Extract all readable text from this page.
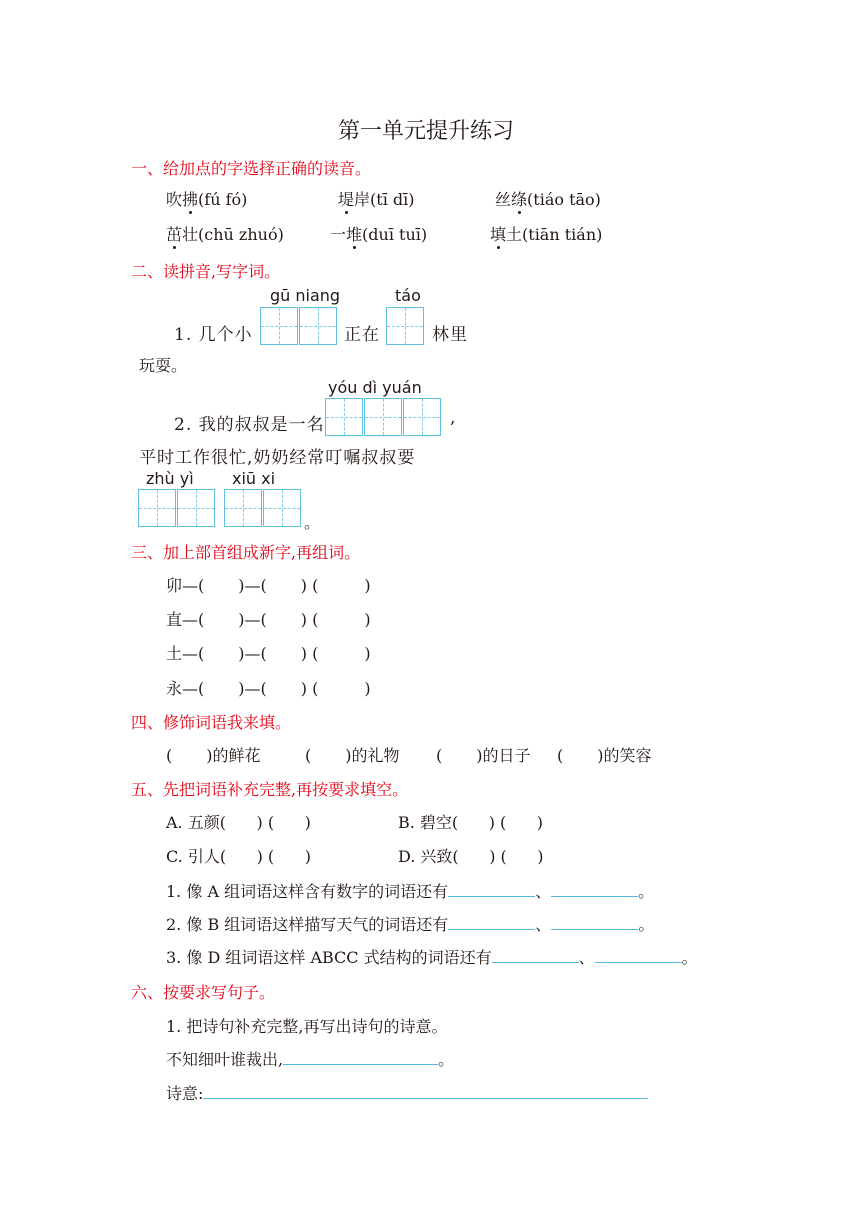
第一单元提升练习
一、给加点的字选择正确的读音。
吹拂(fú fó)	堤岸(tī dī)	丝绦(tiáo tāo)
茁壮(chū zhuó)	一堆(duī tuī)	填土(tiān tián)
二、读拼音,写字词。
gū niang	táo
1. 几个小	正在	林里
玩耍。
yóu dì yuán
2. 我的叔叔是一名	,
平时工作很忙,奶奶经常叮嘱叔叔要
zhù yì xiū xi
。
三、加上部首组成新字,再组词。
卯—( )—( ) (	)
直—( )—( ) (	)
土—( )—( ) (	)
永—( )—( ) (	)
四、修饰词语我来填。
( )的鲜花	( )的礼物 ( )的日子 ( )的笑容
五、先把词语补充完整,再按要求填空。
A. 五颜(      ) (      )	B. 碧空(      ) (      )
C. 引人(      ) (      )	D. 兴致(      ) (      )
1. 像 A 组词语这样含有数字的词语还有	、	。
2. 像 B 组词语这样描写天气的词语还有	、	。
3. 像 D 组词语这样 ABCC 式结构的词语还有	、	。
六、按要求写句子。
1. 把诗句补充完整,再写出诗句的诗意。
不知细叶谁裁出,	。
诗意:
